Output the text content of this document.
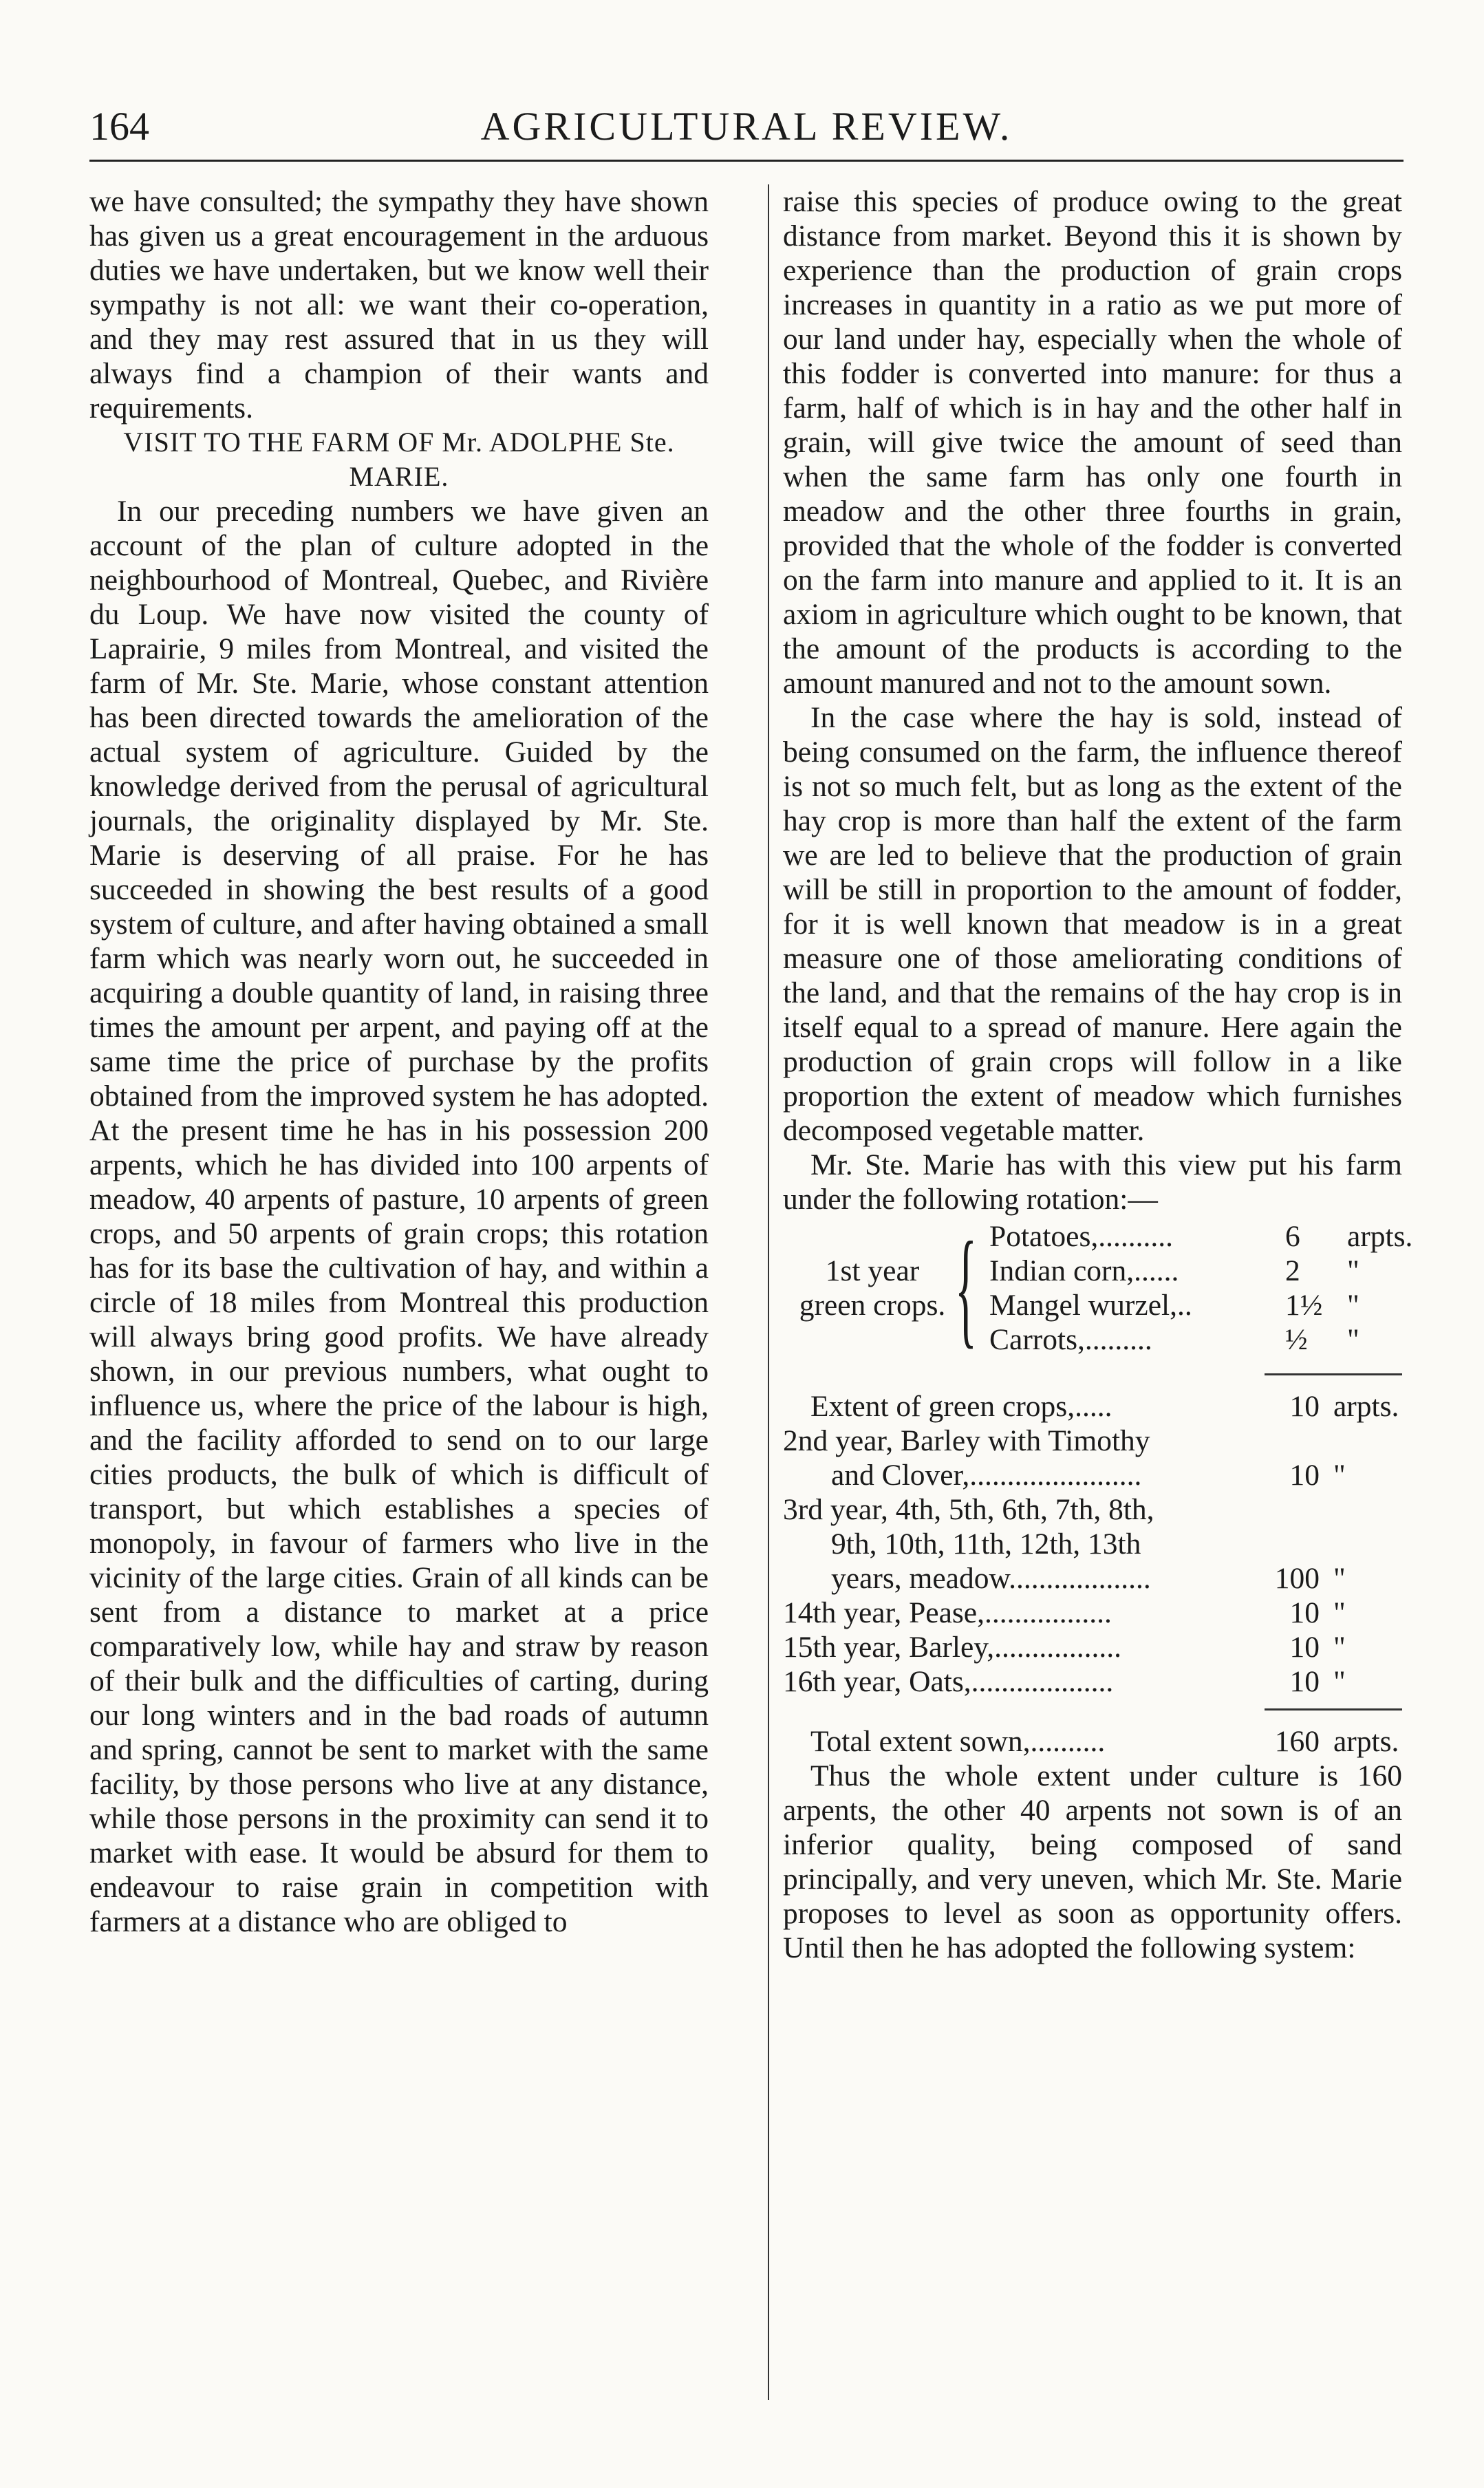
164	AGRICULTURAL REVIEW.

we have consulted; the sympathy they have shown has given us a great encouragement in the arduous duties we have undertaken, but we know well their sympathy is not all: we want their co-operation, and they may rest assured that in us they will always find a champion of their wants and requirements.

VISIT TO THE FARM OF Mr. ADOLPHE Ste. MARIE.

In our preceding numbers we have given an account of the plan of culture adopted in the neighbourhood of Montreal, Quebec, and Rivière du Loup. We have now visited the county of Laprairie, 9 miles from Montreal, and visited the farm of Mr. Ste. Marie, whose constant attention has been directed towards the amelioration of the actual system of agriculture. Guided by the knowledge derived from the perusal of agricultural journals, the originality displayed by Mr. Ste. Marie is deserving of all praise. For he has succeeded in showing the best results of a good system of culture, and after having obtained a small farm which was nearly worn out, he succeeded in acquiring a double quantity of land, in raising three times the amount per arpent, and paying off at the same time the price of purchase by the profits obtained from the improved system he has adopted. At the present time he has in his possession 200 arpents, which he has divided into 100 arpents of meadow, 40 arpents of pasture, 10 arpents of green crops, and 50 arpents of grain crops; this rotation has for its base the cultivation of hay, and within a circle of 18 miles from Montreal this production will always bring good profits. We have already shown, in our previous numbers, what ought to influence us, where the price of the labour is high, and the facility afforded to send on to our large cities products, the bulk of which is difficult of transport, but which establishes a species of monopoly, in favour of farmers who live in the vicinity of the large cities. Grain of all kinds can be sent from a distance to market at a price comparatively low, while hay and straw by reason of their bulk and the difficulties of carting, during our long winters and in the bad roads of autumn and spring, cannot be sent to market with the same facility, by those persons who live at any distance, while those persons in the proximity can send it to market with ease. It would be absurd for them to endeavour to raise grain in competition with farmers at a distance who are obliged to

raise this species of produce owing to the great distance from market. Beyond this it is shown by experience than the production of grain crops increases in quantity in a ratio as we put more of our land under hay, especially when the whole of this fodder is converted into manure: for thus a farm, half of which is in hay and the other half in grain, will give twice the amount of seed than when the same farm has only one fourth in meadow and the other three fourths in grain, provided that the whole of the fodder is converted on the farm into manure and applied to it. It is an axiom in agriculture which ought to be known, that the amount of the products is according to the amount manured and not to the amount sown.

In the case where the hay is sold, instead of being consumed on the farm, the influence thereof is not so much felt, but as long as the extent of the hay crop is more than half the extent of the farm we are led to believe that the production of grain will be still in proportion to the amount of fodder, for it is well known that meadow is in a great measure one of those ameliorating conditions of the land, and that the remains of the hay crop is in itself equal to a spread of manure. Here again the production of grain crops will follow in a like proportion the extent of meadow which furnishes decomposed vegetable matter.

Mr. Ste. Marie has with this view put his farm under the following rotation:—

1st year
green crops. { Potatoes,..........	6	arpts.
Indian corn,......	2	"
Mangel wurzel,..	1½ "
Carrots,.........	½	"
Extent of green crops,.....	10 arpts.
2nd year, Barley with Timothy
and Clover,.......................	10 "
3rd year, 4th, 5th, 6th, 7th, 8th,
9th, 10th, 11th, 12th, 13th
years, meadow...................	100 "
14th year, Pease,.................	10 "
15th year, Barley,.................	10 "
16th year, Oats,...................	10 "
Total extent sown,..........	160 arpts.

Thus the whole extent under culture is 160 arpents, the other 40 arpents not sown is of an inferior quality, being composed of sand principally, and very uneven, which Mr. Ste. Marie proposes to level as soon as opportunity offers. Until then he has adopted the following system:
